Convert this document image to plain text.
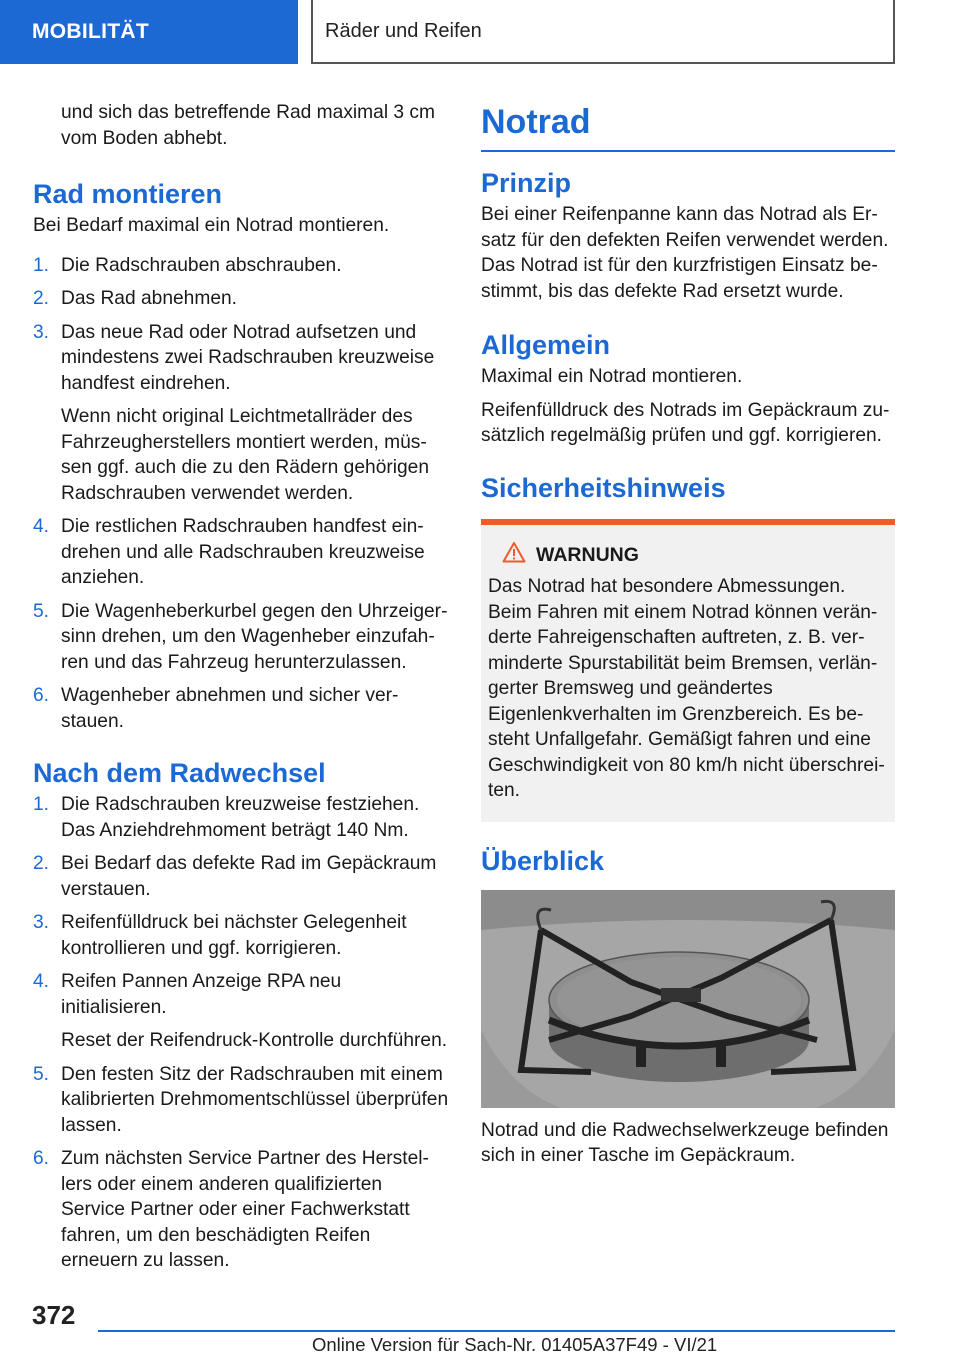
MOBILITÄT	Räder und Reifen

und sich das betreffende Rad maximal 3 cm vom Boden abhebt.

Rad montieren

Bei Bedarf maximal ein Notrad montieren.

1. Die Radschrauben abschrauben.
2. Das Rad abnehmen.
3. Das neue Rad oder Notrad aufsetzen und mindestens zwei Radschrauben kreuzweise handfest eindrehen.

Wenn nicht original Leichtmetallräder des Fahrzeugherstellers montiert werden, müssen ggf. auch die zu den Rädern gehörigen Radschrauben verwendet werden.

4. Die restlichen Radschrauben handfest eindrehen und alle Radschrauben kreuzweise anziehen.
5. Die Wagenheberkurbel gegen den Uhrzeigersinn drehen, um den Wagenheber einzufahren und das Fahrzeug herunterzulassen.
6. Wagenheber abnehmen und sicher verstauen.
Nach dem Radwechsel
1. Die Radschrauben kreuzweise festziehen. Das Anziehdrehmoment beträgt 140 Nm.
2. Bei Bedarf das defekte Rad im Gepäckraum verstauen.
3. Reifenfülldruck bei nächster Gelegenheit kontrollieren und ggf. korrigieren.
4. Reifen Pannen Anzeige RPA neu initialisieren.

Reset der Reifendruck-Kontrolle durchführen.

5. Den festen Sitz der Radschrauben mit einem kalibrierten Drehmomentschlüssel überprüfen lassen.
6. Zum nächsten Service Partner des Herstellers oder einem anderen qualifizierten Service Partner oder einer Fachwerkstatt fahren, um den beschädigten Reifen erneuern zu lassen.
Notrad
Prinzip

Bei einer Reifenpanne kann das Notrad als Ersatz für den defekten Reifen verwendet werden. Das Notrad ist für den kurzfristigen Einsatz bestimmt, bis das defekte Rad ersetzt wurde.

Allgemein

Maximal ein Notrad montieren.

Reifenfülldruck des Notrads im Gepäckraum zusätzlich regelmäßig prüfen und ggf. korrigieren.

Sicherheitshinweis
WARNUNG

Das Notrad hat besondere Abmessungen. Beim Fahren mit einem Notrad können veränderte Fahreigenschaften auftreten, z. B. verminderte Spurstabilität beim Bremsen, verlängerter Bremsweg und geändertes Eigenlenkverhalten im Grenzbereich. Es besteht Unfallgefahr. Gemäßigt fahren und eine Geschwindigkeit von 80 km/h nicht überschreiten.

Überblick

Notrad und die Radwechselwerkzeuge befinden sich in einer Tasche im Gepäckraum.

372
Online Version für Sach-Nr. 01405A37F49 - VI/21
